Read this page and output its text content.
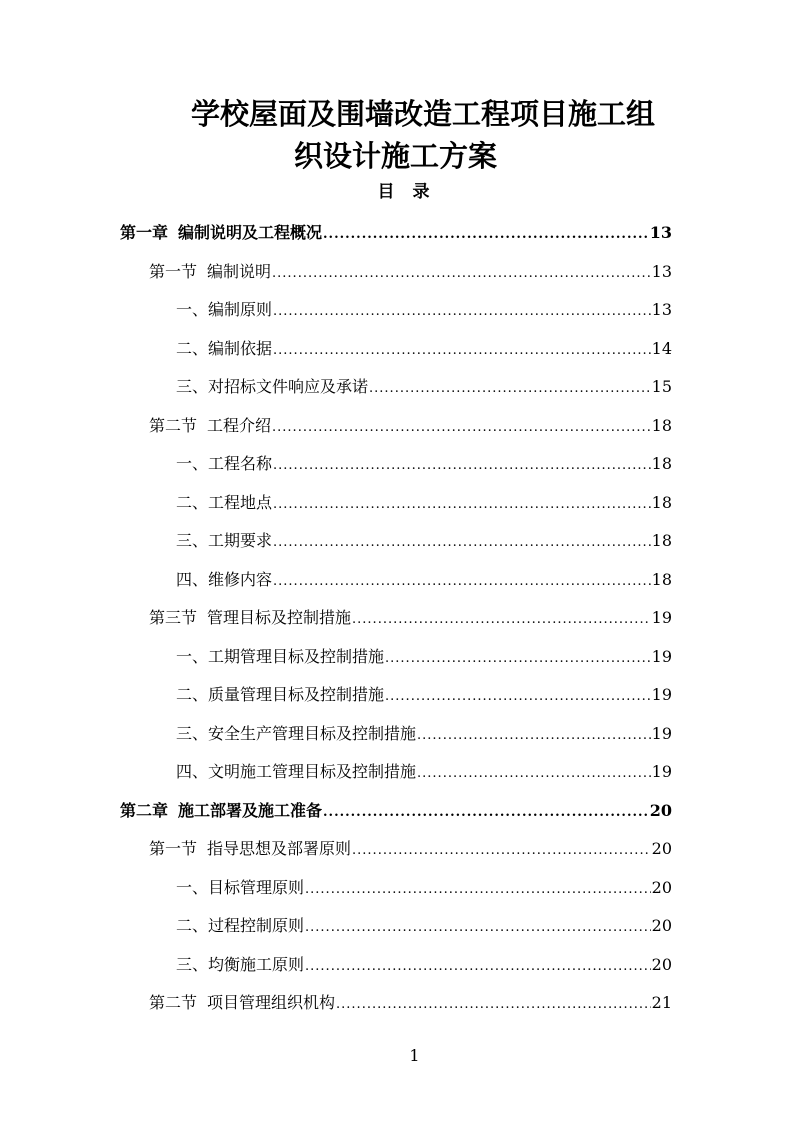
学校屋面及围墙改造工程项目施工组
织设计施工方案
目 录
第一章 编制说明及工程概况 .....	13
第一节 编制说明 .....	13
一、编制原则 .....	13
二、编制依据 .....	14
三、对招标文件响应及承诺 .....	15
第二节 工程介绍 .....	18
一、工程名称 .....	18
二、工程地点 .....	18
三、工期要求 .....	18
四、维修内容 .....	18
第三节 管理目标及控制措施 .....	19
一、工期管理目标及控制措施 .....	19
二、质量管理目标及控制措施 .....	19
三、安全生产管理目标及控制措施 .....	19
四、文明施工管理目标及控制措施 .....	19
第二章 施工部署及施工准备 .....	20
第一节 指导思想及部署原则 .....	20
一、目标管理原则 .....	20
二、过程控制原则 .....	20
三、均衡施工原则 .....	20
第二节 项目管理组织机构 .....	21
1
